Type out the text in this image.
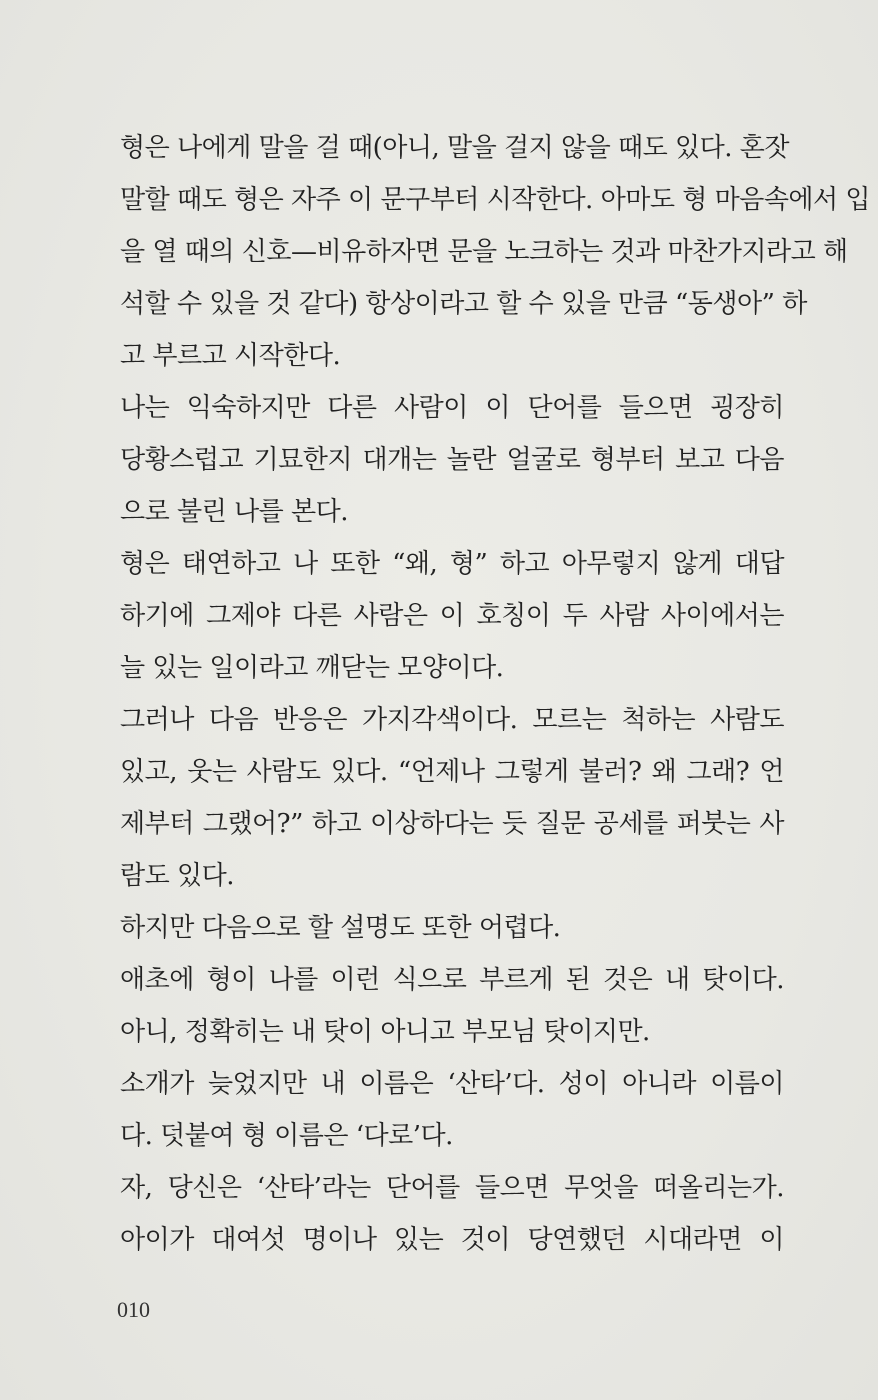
형은 나에게 말을 걸 때(아니, 말을 걸지 않을 때도 있다. 혼잣
말할 때도 형은 자주 이 문구부터 시작한다. 아마도 형 마음속에서 입
을 열 때의 신호—비유하자면 문을 노크하는 것과 마찬가지라고 해
석할 수 있을 것 같다) 항상이라고 할 수 있을 만큼 “동생아” 하
고 부르고 시작한다.
나는 익숙하지만 다른 사람이 이 단어를 들으면 굉장히
당황스럽고 기묘한지 대개는 놀란 얼굴로 형부터 보고 다음
으로 불린 나를 본다.
형은 태연하고 나 또한 “왜, 형” 하고 아무렇지 않게 대답
하기에 그제야 다른 사람은 이 호칭이 두 사람 사이에서는
늘 있는 일이라고 깨닫는 모양이다.
그러나 다음 반응은 가지각색이다. 모르는 척하는 사람도
있고, 웃는 사람도 있다. “언제나 그렇게 불러? 왜 그래? 언
제부터 그랬어?” 하고 이상하다는 듯 질문 공세를 퍼붓는 사
람도 있다.
하지만 다음으로 할 설명도 또한 어렵다.
애초에 형이 나를 이런 식으로 부르게 된 것은 내 탓이다.
아니, 정확히는 내 탓이 아니고 부모님 탓이지만.
소개가 늦었지만 내 이름은 ‘산타’다. 성이 아니라 이름이
다. 덧붙여 형 이름은 ‘다로’다.
자, 당신은 ‘산타’라는 단어를 들으면 무엇을 떠올리는가.
아이가 대여섯 명이나 있는 것이 당연했던 시대라면 이
010
